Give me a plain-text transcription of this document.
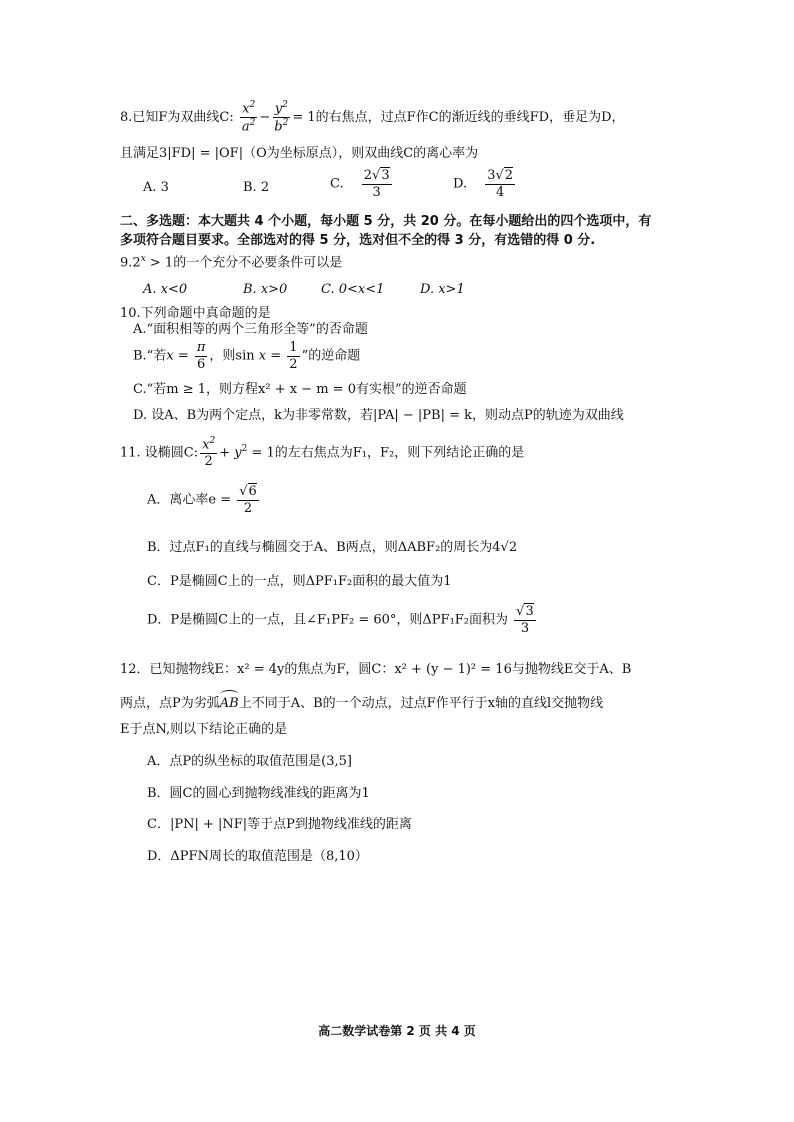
8.已知F为双曲线C: $\frac{x^2}{a^2} - \frac{y^2}{b^2} = 1$的右焦点，过点F作C的渐近线的垂线FD，垂足为D，
且满足3|FD| = |OF|（O为坐标原点），则双曲线C的离心率为
A. 3	B. 2	C. $\frac{2√3}{3}$	D. $\frac{3√2}{4}$
二、多选题：本大题共 4 个小题，每小题 5 分，共 20 分。在每小题给出的四个选项中，有
多项符合题目要求。全部选对的得 5 分，选对但不全的得 3 分，有选错的得 0 分.
$9.2^x > 1$的一个充分不必要条件可以是
A. x<0	B. x>0	C. 0<x<1	D. x>1
10.下列命题中真命题的是
A.“面积相等的两个三角形全等”的否命题
B.“若$x = \frac{\pi}{6}$ ，则$\sin x = \frac{1}{2}$ ”的逆命题
C.“若m ≥ 1，则方程x² + x − m = 0有实根”的逆否命题
D. 设A、B为两个定点，k为非零常数，若|PA| − |PB| = k，则动点P的轨迹为双曲线
11. 设椭圆C: $\frac{x^2}{2} + y^2 = 1$的左右焦点为F₁，F₂，则下列结论正确的是
A．离心率$e = \frac{√6}{2}$
B．过点F₁的直线与椭圆交于A、B两点，则ΔABF₂的周长为4√2
C．P是椭圆C上的一点，则ΔPF₁F₂面积的最大值为1
D．P是椭圆C上的一点，且∠F₁PF₂ = 60°，则ΔPF₁F₂面积为 $\frac{√3}{3}$
12．已知抛物线E：x² = 4y的焦点为F，圆C：x² + (y − 1)² = 16与抛物线E交于A、B
两点，点P为劣弧AB上不同于A、B的一个动点，过点F作平行于x轴的直线l交抛物线
E于点N,则以下结论正确的是
A．点P的纵坐标的取值范围是(3,5]
B．圆C的圆心到抛物线准线的距离为1
C．|PN| + |NF|等于点P到抛物线准线的距离
D．ΔPFN周长的取值范围是（8,10）
高二数学试卷第 2 页 共 4 页
